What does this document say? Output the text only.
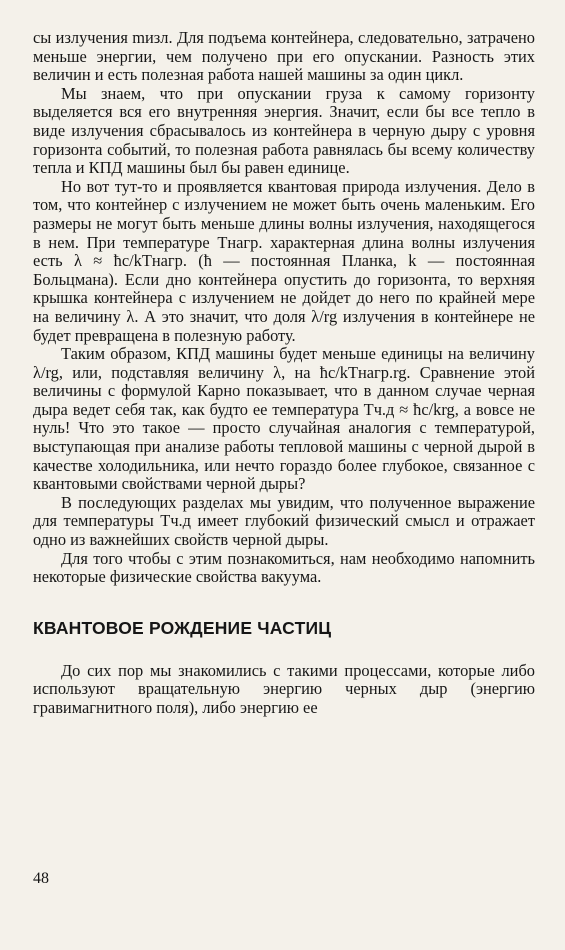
сы излучения mизл. Для подъема контейнера, следовательно, затрачено меньше энергии, чем получено при его опускании. Разность этих величин и есть полезная работа нашей машины за один цикл.

Мы знаем, что при опускании груза к самому горизонту выделяется вся его внутренняя энергия. Значит, если бы все тепло в виде излучения сбрасывалось из контейнера в черную дыру с уровня горизонта событий, то полезная работа равнялась бы всему количеству тепла и КПД машины был бы равен единице.

Но вот тут-то и проявляется квантовая природа излучения. Дело в том, что контейнер с излучением не может быть очень маленьким. Его размеры не могут быть меньше длины волны излучения, находящегося в нем. При температуре Tнагр. характерная длина волны излучения есть λ ≈ ħc/kTнагр. (ħ — постоянная Планка, k — постоянная Больцмана). Если дно контейнера опустить до горизонта, то верхняя крышка контейнера с излучением не дойдет до него по крайней мере на величину λ. А это значит, что доля λ/rg излучения в контейнере не будет превращена в полезную работу.

Таким образом, КПД машины будет меньше единицы на величину λ/rg, или, подставляя величину λ, на ħc/kTнагр.rg. Сравнение этой величины с формулой Карно показывает, что в данном случае черная дыра ведет себя так, как будто ее температура Tч.д ≈ ħc/krg, а вовсе не нуль! Что это такое — просто случайная аналогия с температурой, выступающая при анализе работы тепловой машины с черной дырой в качестве холодильника, или нечто гораздо более глубокое, связанное с квантовыми свойствами черной дыры?

В последующих разделах мы увидим, что полученное выражение для температуры Tч.д имеет глубокий физический смысл и отражает одно из важнейших свойств черной дыры.

Для того чтобы с этим познакомиться, нам необходимо напомнить некоторые физические свойства вакуума.

КВАНТОВОЕ РОЖДЕНИЕ ЧАСТИЦ

До сих пор мы знакомились с такими процессами, которые либо используют вращательную энергию черных дыр (энергию гравимагнитного поля), либо энергию ее

48
